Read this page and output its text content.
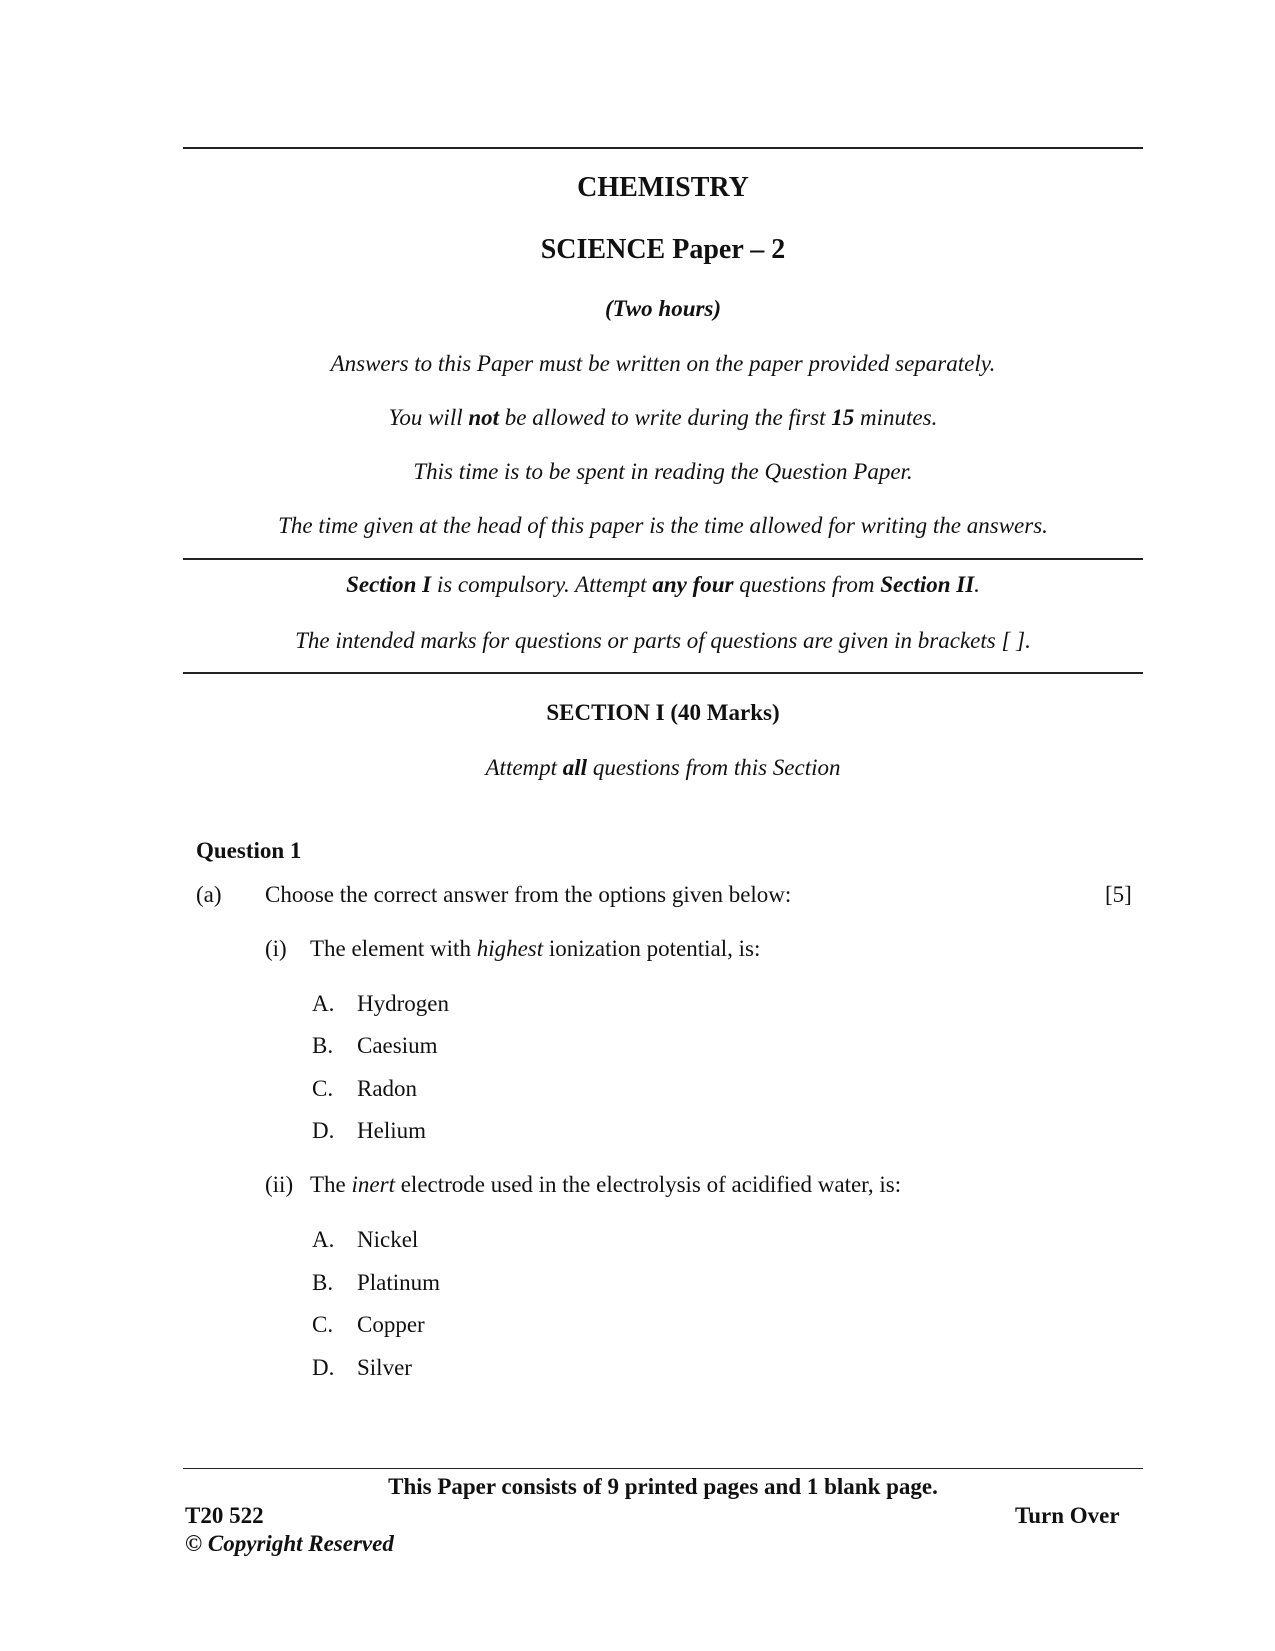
CHEMISTRY
SCIENCE Paper – 2
(Two hours)
Answers to this Paper must be written on the paper provided separately.
You will not be allowed to write during the first 15 minutes.
This time is to be spent in reading the Question Paper.
The time given at the head of this paper is the time allowed for writing the answers.
Section I is compulsory. Attempt any four questions from Section II.
The intended marks for questions or parts of questions are given in brackets [ ].
SECTION I (40 Marks)
Attempt all questions from this Section
Question 1
(a) Choose the correct answer from the options given below:	[5]
(i) The element with highest ionization potential, is:
A. Hydrogen
B. Caesium
C. Radon
D. Helium
(ii) The inert electrode used in the electrolysis of acidified water, is:
A. Nickel
B. Platinum
C. Copper
D. Silver
This Paper consists of 9 printed pages and 1 blank page.
T20 522	Turn Over
© Copyright Reserved
